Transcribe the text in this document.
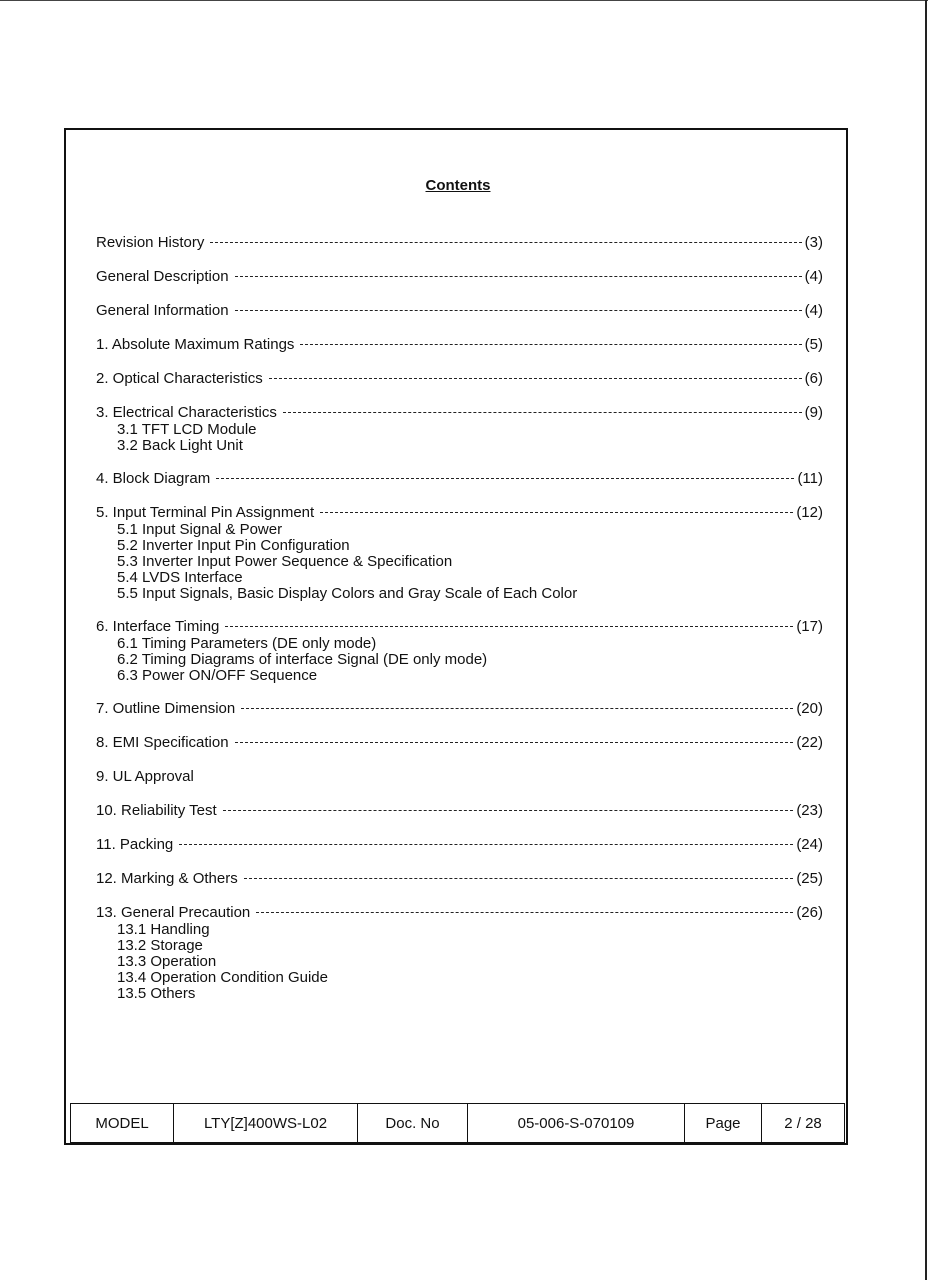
Contents
Revision History	(3)
General Description	(4)
General Information	(4)
1. Absolute Maximum Ratings	(5)
2. Optical Characteristics	(6)
3. Electrical Characteristics	(9)
3.1 TFT LCD Module
3.2 Back Light Unit
4. Block Diagram	(11)
5. Input Terminal Pin Assignment	(12)
5.1 Input Signal & Power
5.2 Inverter Input Pin Configuration
5.3 Inverter Input Power Sequence & Specification
5.4 LVDS Interface
5.5 Input Signals, Basic Display Colors and Gray Scale of Each Color
6. Interface Timing	(17)
6.1 Timing Parameters (DE only mode)
6.2 Timing Diagrams of interface Signal (DE only mode)
6.3 Power ON/OFF Sequence
7. Outline Dimension	(20)
8. EMI Specification	(22)
9. UL Approval
10. Reliability Test	(23)
11. Packing	(24)
12. Marking & Others	(25)
13. General Precaution	(26)
13.1 Handling
13.2 Storage
13.3 Operation
13.4 Operation Condition Guide
13.5 Others
MODEL	LTY[Z]400WS-L02	Doc. No	05-006-S-070109	Page	2 / 28
